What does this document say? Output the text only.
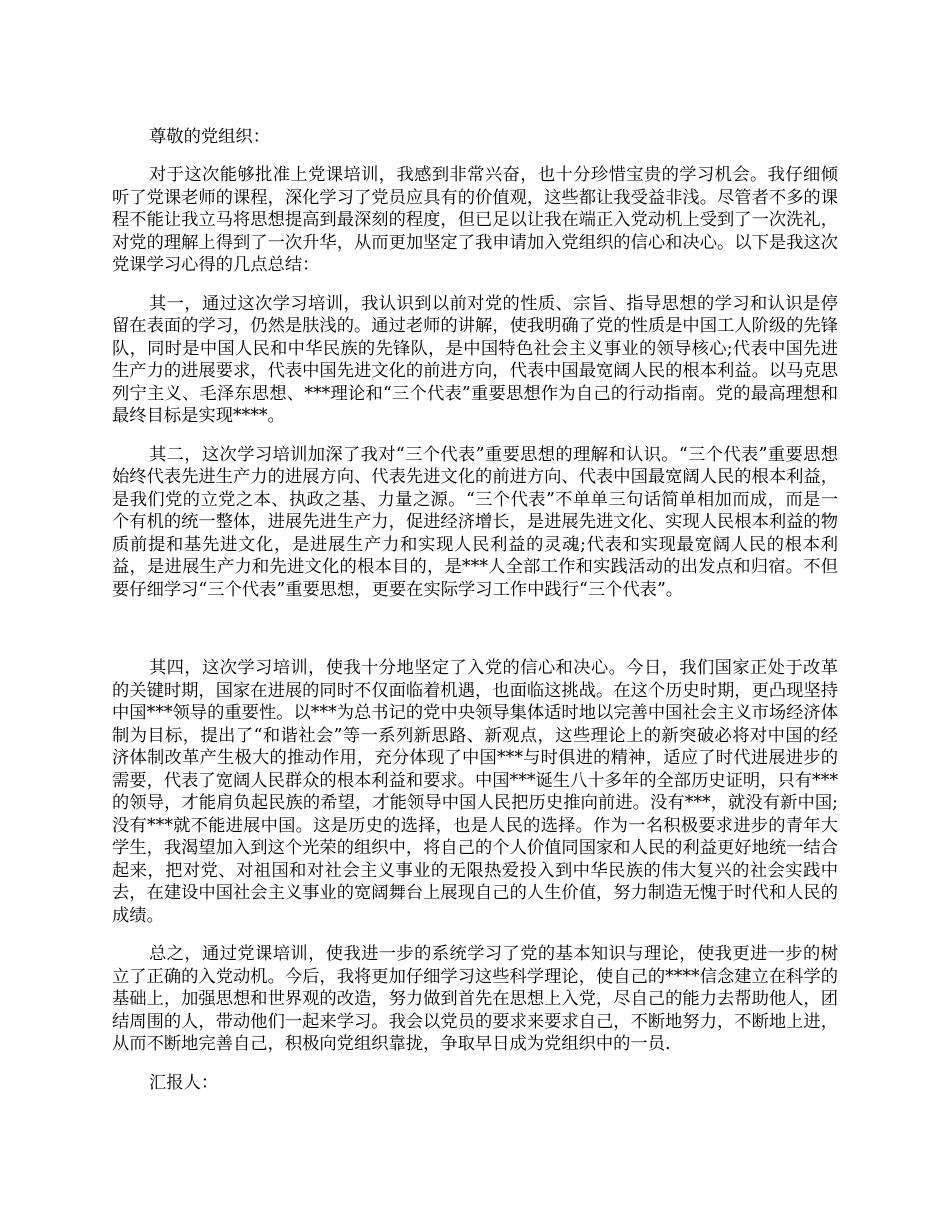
尊敬的党组织：

对于这次能够批准上党课培训，我感到非常兴奋，也十分珍惜宝贵的学习机会。我仔细倾听了党课老师的课程，深化学习了党员应具有的价值观，这些都让我受益非浅。尽管者不多的课程不能让我立马将思想提高到最深刻的程度，但已足以让我在端正入党动机上受到了一次洗礼，对党的理解上得到了一次升华，从而更加坚定了我申请加入党组织的信心和决心。以下是我这次党课学习心得的几点总结：

其一，通过这次学习培训，我认识到以前对党的性质、宗旨、指导思想的学习和认识是停留在表面的学习，仍然是肤浅的。通过老师的讲解，使我明确了党的性质是中国工人阶级的先锋队，同时是中国人民和中华民族的先锋队，是中国特色社会主义事业的领导核心;代表中国先进生产力的进展要求，代表中国先进文化的前进方向，代表中国最宽阔人民的根本利益。以马克思列宁主义、毛泽东思想、***理论和“三个代表”重要思想作为自己的行动指南。党的最高理想和最终目标是实现****。

其二，这次学习培训加深了我对“三个代表”重要思想的理解和认识。“三个代表”重要思想始终代表先进生产力的进展方向、代表先进文化的前进方向、代表中国最宽阔人民的根本利益，是我们党的立党之本、执政之基、力量之源。“三个代表”不单单三句话简单相加而成，而是一个有机的统一整体，进展先进生产力，促进经济增长，是进展先进文化、实现人民根本利益的物质前提和基先进文化，是进展生产力和实现人民利益的灵魂;代表和实现最宽阔人民的根本利益，是进展生产力和先进文化的根本目的，是***人全部工作和实践活动的出发点和归宿。不但要仔细学习“三个代表”重要思想，更要在实际学习工作中践行“三个代表”。

其四，这次学习培训，使我十分地坚定了入党的信心和决心。今日，我们国家正处于改革的关键时期，国家在进展的同时不仅面临着机遇，也面临这挑战。在这个历史时期，更凸现坚持中国***领导的重要性。以***为总书记的党中央领导集体适时地以完善中国社会主义市场经济体制为目标，提出了“和谐社会”等一系列新思路、新观点，这些理论上的新突破必将对中国的经济体制改革产生极大的推动作用，充分体现了中国***与时俱进的精神，适应了时代进展进步的需要，代表了宽阔人民群众的根本利益和要求。中国***诞生八十多年的全部历史证明，只有***的领导，才能肩负起民族的希望，才能领导中国人民把历史推向前进。没有***，就没有新中国;没有***就不能进展中国。这是历史的选择，也是人民的选择。作为一名积极要求进步的青年大学生，我渴望加入到这个光荣的组织中，将自己的个人价值同国家和人民的利益更好地统一结合起来，把对党、对祖国和对社会主义事业的无限热爱投入到中华民族的伟大复兴的社会实践中去，在建设中国社会主义事业的宽阔舞台上展现自己的人生价值，努力制造无愧于时代和人民的成绩。

总之，通过党课培训，使我进一步的系统学习了党的基本知识与理论，使我更进一步的树立了正确的入党动机。今后，我将更加仔细学习这些科学理论，使自己的****信念建立在科学的基础上，加强思想和世界观的改造，努力做到首先在思想上入党，尽自己的能力去帮助他人，团结周围的人，带动他们一起来学习。我会以党员的要求来要求自己，不断地努力，不断地上进，从而不断地完善自己，积极向党组织靠拢，争取早日成为党组织中的一员.

汇报人：
